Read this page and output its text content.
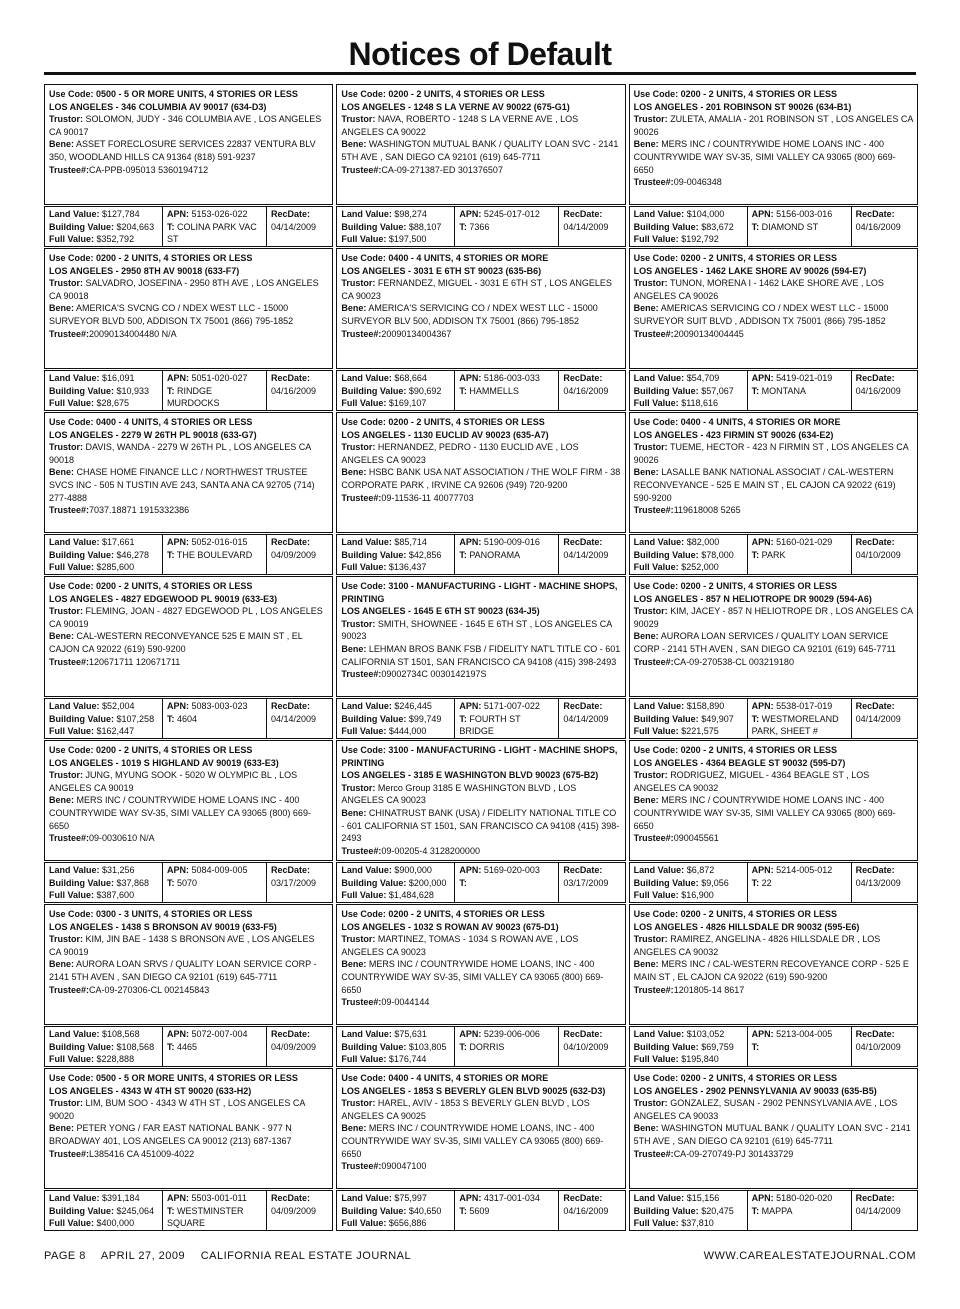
Notices of Default
Use Code: 0500 - 5 OR MORE UNITS, 4 STORIES OR LESS
LOS ANGELES - 346 COLUMBIA AV 90017 (634-D3)
Trustor: SOLOMON, JUDY - 346 COLUMBIA AVE , LOS ANGELES CA 90017
Bene: ASSET FORECLOSURE SERVICES 22837 VENTURA BLV 350, WOODLAND HILLS CA 91364 (818) 591-9237
Trustee#:CA-PPB-095013 5360194712
Land Value: $127,784
Building Value: $204,663
Full Value: $352,792
APN: 5153-026-022
T: COLINA PARK VAC ST
RecDate:
04/14/2009
Use Code: 0200 - 2 UNITS, 4 STORIES OR LESS
LOS ANGELES - 1248 S LA VERNE AV 90022 (675-G1)
Trustor: NAVA, ROBERTO - 1248 S LA VERNE AVE , LOS ANGELES CA 90022
Bene: WASHINGTON MUTUAL BANK / QUALITY LOAN SVC - 2141 5TH AVE , SAN DIEGO CA 92101 (619) 645-7711
Trustee#:CA-09-271387-ED 301376507
Land Value: $98,274
Building Value: $88,107
Full Value: $197,500
APN: 5245-017-012
T: 7366
RecDate:
04/14/2009
Use Code: 0200 - 2 UNITS, 4 STORIES OR LESS
LOS ANGELES - 201 ROBINSON ST 90026 (634-B1)
Trustor: ZULETA, AMALIA - 201 ROBINSON ST , LOS ANGELES CA 90026
Bene: MERS INC / COUNTRYWIDE HOME LOANS INC - 400 COUNTRYWIDE WAY SV-35, SIMI VALLEY CA 93065 (800) 669-6650
Trustee#:09-0046348
Land Value: $104,000
Building Value: $83,672
Full Value: $192,792
APN: 5156-003-016
T: DIAMOND ST
RecDate:
04/16/2009
Use Code: 0200 - 2 UNITS, 4 STORIES OR LESS
LOS ANGELES - 2950 8TH AV 90018 (633-F7)
Trustor: SALVADRO, JOSEFINA - 2950 8TH AVE , LOS ANGELES CA 90018
Bene: AMERICA'S SVCNG CO / NDEX WEST LLC - 15000 SURVEYOR BLVD 500, ADDISON TX 75001 (866) 795-1852
Trustee#:20090134004480 N/A
Land Value: $16,091
Building Value: $10,933
Full Value: $28,675
APN: 5051-020-027
T: RINDGE MURDOCKS
RecDate:
04/16/2009
Use Code: 0400 - 4 UNITS, 4 STORIES OR MORE
LOS ANGELES - 3031 E 6TH ST 90023 (635-B6)
Trustor: FERNANDEZ, MIGUEL - 3031 E 6TH ST , LOS ANGELES CA 90023
Bene: AMERICA'S SERVICING CO / NDEX WEST LLC - 15000 SURVEYOR BLV 500, ADDISON TX 75001 (866) 795-1852
Trustee#:20090134004367
Land Value: $68,664
Building Value: $90,692
Full Value: $169,107
APN: 5186-003-033
T: HAMMELLS
RecDate:
04/16/2009
Use Code: 0200 - 2 UNITS, 4 STORIES OR LESS
LOS ANGELES - 1462 LAKE SHORE AV 90026 (594-E7)
Trustor: TUNON, MORENA I - 1462 LAKE SHORE AVE , LOS ANGELES CA 90026
Bene: AMERICAS SERVICING CO / NDEX WEST LLC - 15000 SURVEYOR SUIT BLVD , ADDISON TX 75001 (866) 795-1852
Trustee#:20090134004445
Land Value: $54,709
Building Value: $57,067
Full Value: $118,616
APN: 5419-021-019
T: MONTANA
RecDate:
04/16/2009
Use Code: 0400 - 4 UNITS, 4 STORIES OR LESS
LOS ANGELES - 2279 W 26TH PL 90018 (633-G7)
Trustor: DAVIS, WANDA - 2279 W 26TH PL , LOS ANGELES CA 90018
Bene: CHASE HOME FINANCE LLC / NORTHWEST TRUSTEE SVCS INC - 505 N TUSTIN AVE 243, SANTA ANA CA 92705 (714) 277-4888
Trustee#:7037.18871 1915332386
Land Value: $17,661
Building Value: $46,278
Full Value: $285,600
APN: 5052-016-015
T: THE BOULEVARD
RecDate:
04/09/2009
Use Code: 0200 - 2 UNITS, 4 STORIES OR LESS
LOS ANGELES - 1130 EUCLID AV 90023 (635-A7)
Trustor: HERNANDEZ, PEDRO - 1130 EUCLID AVE , LOS ANGELES CA 90023
Bene: HSBC BANK USA NAT ASSOCIATION / THE WOLF FIRM - 38 CORPORATE PARK , IRVINE CA 92606 (949) 720-9200
Trustee#:09-11536-11 40077703
Land Value: $85,714
Building Value: $42,856
Full Value: $136,437
APN: 5190-009-016
T: PANORAMA
RecDate:
04/14/2009
Use Code: 0400 - 4 UNITS, 4 STORIES OR MORE
LOS ANGELES - 423 FIRMIN ST 90026 (634-E2)
Trustor: TUEME, HECTOR - 423 N FIRMIN ST , LOS ANGELES CA 90026
Bene: LASALLE BANK NATIONAL ASSOCIAT / CAL-WESTERN RECONVEYANCE - 525 E MAIN ST , EL CAJON CA 92022 (619) 590-9200
Trustee#:119618008 5265
Land Value: $82,000
Building Value: $78,000
Full Value: $252,000
APN: 5160-021-029
T: PARK
RecDate:
04/10/2009
Use Code: 0200 - 2 UNITS, 4 STORIES OR LESS
LOS ANGELES - 4827 EDGEWOOD PL 90019 (633-E3)
Trustor: FLEMING, JOAN - 4827 EDGEWOOD PL , LOS ANGELES CA 90019
Bene: CAL-WESTERN RECONVEYANCE 525 E MAIN ST , EL CAJON CA 92022 (619) 590-9200
Trustee#:120671711 120671711
Land Value: $52,004
Building Value: $107,258
Full Value: $162,447
APN: 5083-003-023
T: 4604
RecDate:
04/14/2009
Use Code: 3100 - MANUFACTURING - LIGHT - MACHINE SHOPS, PRINTING
LOS ANGELES - 1645 E 6TH ST 90023 (634-J5)
Trustor: SMITH, SHOWNEE - 1645 E 6TH ST , LOS ANGELES CA 90023
Bene: LEHMAN BROS BANK FSB / FIDELITY NAT'L TITLE CO - 601 CALIFORNIA ST 1501, SAN FRANCISCO CA 94108 (415) 398-2493
Trustee#:09002734C 0030142197S
Land Value: $246,445
Building Value: $99,749
Full Value: $444,000
APN: 5171-007-022
T: FOURTH ST BRIDGE
RecDate:
04/14/2009
Use Code: 0200 - 2 UNITS, 4 STORIES OR LESS
LOS ANGELES - 857 N HELIOTROPE DR 90029 (594-A6)
Trustor: KIM, JACEY - 857 N HELIOTROPE DR , LOS ANGELES CA 90029
Bene: AURORA LOAN SERVICES / QUALITY LOAN SERVICE CORP - 2141 5TH AVEN , SAN DIEGO CA 92101 (619) 645-7711
Trustee#:CA-09-270538-CL 003219180
Land Value: $158,890
Building Value: $49,907
Full Value: $221,575
APN: 5538-017-019
T: WESTMORELAND PARK, SHEET #
RecDate:
04/14/2009
Use Code: 0200 - 2 UNITS, 4 STORIES OR LESS
LOS ANGELES - 1019 S HIGHLAND AV 90019 (633-E3)
Trustor: JUNG, MYUNG SOOK - 5020 W OLYMPIC BL , LOS ANGELES CA 90019
Bene: MERS INC / COUNTRYWIDE HOME LOANS INC - 400 COUNTRYWIDE WAY SV-35, SIMI VALLEY CA 93065 (800) 669-6650
Trustee#:09-0030610 N/A
Land Value: $31,256
Building Value: $37,868
Full Value: $387,600
APN: 5084-009-005
T: 5070
RecDate:
03/17/2009
Use Code: 3100 - MANUFACTURING - LIGHT - MACHINE SHOPS, PRINTING
LOS ANGELES - 3185 E WASHINGTON BLVD 90023 (675-B2)
Trustor: Merco Group 3185 E WASHINGTON BLVD , LOS ANGELES CA 90023
Bene: CHINATRUST BANK (USA) / FIDELITY NATIONAL TITLE CO - 601 CALIFORNIA ST 1501, SAN FRANCISCO CA 94108 (415) 398-2493
Trustee#:09-00205-4 3128200000
Land Value: $900,000
Building Value: $200,000
Full Value: $1,484,628
APN: 5169-020-003
T:
RecDate:
03/17/2009
Use Code: 0200 - 2 UNITS, 4 STORIES OR LESS
LOS ANGELES - 4364 BEAGLE ST 90032 (595-D7)
Trustor: RODRIGUEZ, MIGUEL - 4364 BEAGLE ST , LOS ANGELES CA 90032
Bene: MERS INC / COUNTRYWIDE HOME LOANS INC - 400 COUNTRYWIDE WAY SV-35, SIMI VALLEY CA 93065 (800) 669-6650
Trustee#:090045561
Land Value: $6,872
Building Value: $9,056
Full Value: $16,900
APN: 5214-005-012
T: 22
RecDate:
04/13/2009
Use Code: 0300 - 3 UNITS, 4 STORIES OR LESS
LOS ANGELES - 1438 S BRONSON AV 90019 (633-F5)
Trustor: KIM, JIN BAE - 1438 S BRONSON AVE , LOS ANGELES CA 90019
Bene: AURORA LOAN SRVS / QUALITY LOAN SERVICE CORP - 2141 5TH AVEN , SAN DIEGO CA 92101 (619) 645-7711
Trustee#:CA-09-270306-CL 002145843
Land Value: $108,568
Building Value: $108,568
Full Value: $228,888
APN: 5072-007-004
T: 4465
RecDate:
04/09/2009
Use Code: 0200 - 2 UNITS, 4 STORIES OR LESS
LOS ANGELES - 1032 S ROWAN AV 90023 (675-D1)
Trustor: MARTINEZ, TOMAS - 1034 S ROWAN AVE , LOS ANGELES CA 90023
Bene: MERS INC / COUNTRYWIDE HOME LOANS, INC - 400 COUNTRYWIDE WAY SV-35, SIMI VALLEY CA 93065 (800) 669-6650
Trustee#:09-0044144
Land Value: $75,631
Building Value: $103,805
Full Value: $176,744
APN: 5239-006-006
T: DORRIS
RecDate:
04/10/2009
Use Code: 0200 - 2 UNITS, 4 STORIES OR LESS
LOS ANGELES - 4826 HILLSDALE DR 90032 (595-E6)
Trustor: RAMIREZ, ANGELINA - 4826 HILLSDALE DR , LOS ANGELES CA 90032
Bene: MERS INC / CAL-WESTERN RECOVEYANCE CORP - 525 E MAIN ST , EL CAJON CA 92022 (619) 590-9200
Trustee#:1201805-14 8617
Land Value: $103,052
Building Value: $69,759
Full Value: $195,840
APN: 5213-004-005
T:
RecDate:
04/10/2009
Use Code: 0500 - 5 OR MORE UNITS, 4 STORIES OR LESS
LOS ANGELES - 4343 W 4TH ST 90020 (633-H2)
Trustor: LIM, BUM SOO - 4343 W 4TH ST , LOS ANGELES CA 90020
Bene: PETER YONG / FAR EAST NATIONAL BANK - 977 N BROADWAY 401, LOS ANGELES CA 90012 (213) 687-1367
Trustee#:L385416 CA 451009-4022
Land Value: $391,184
Building Value: $245,064
Full Value: $400,000
APN: 5503-001-011
T: WESTMINSTER SQUARE
RecDate:
04/09/2009
Use Code: 0400 - 4 UNITS, 4 STORIES OR MORE
LOS ANGELES - 1853 S BEVERLY GLEN BLVD 90025 (632-D3)
Trustor: HAREL, AVIV - 1853 S BEVERLY GLEN BLVD , LOS ANGELES CA 90025
Bene: MERS INC / COUNTRYWIDE HOME LOANS, INC - 400 COUNTRYWIDE WAY SV-35, SIMI VALLEY CA 93065 (800) 669-6650
Trustee#:090047100
Land Value: $75,997
Building Value: $40,650
Full Value: $656,886
APN: 4317-001-034
T: 5609
RecDate:
04/16/2009
Use Code: 0200 - 2 UNITS, 4 STORIES OR LESS
LOS ANGELES - 2902 PENNSYLVANIA AV 90033 (635-B5)
Trustor: GONZALEZ, SUSAN - 2902 PENNSYLVANIA AVE , LOS ANGELES CA 90033
Bene: WASHINGTON MUTUAL BANK / QUALITY LOAN SVC - 2141 5TH AVE , SAN DIEGO CA 92101 (619) 645-7711
Trustee#:CA-09-270749-PJ 301433729
Land Value: $15,156
Building Value: $20,475
Full Value: $37,810
APN: 5180-020-020
T: MAPPA
RecDate:
04/14/2009
PAGE 8 APRIL 27, 2009 CALIFORNIA REAL ESTATE JOURNAL	WWW.CAREALESTATEJOURNAL.COM
